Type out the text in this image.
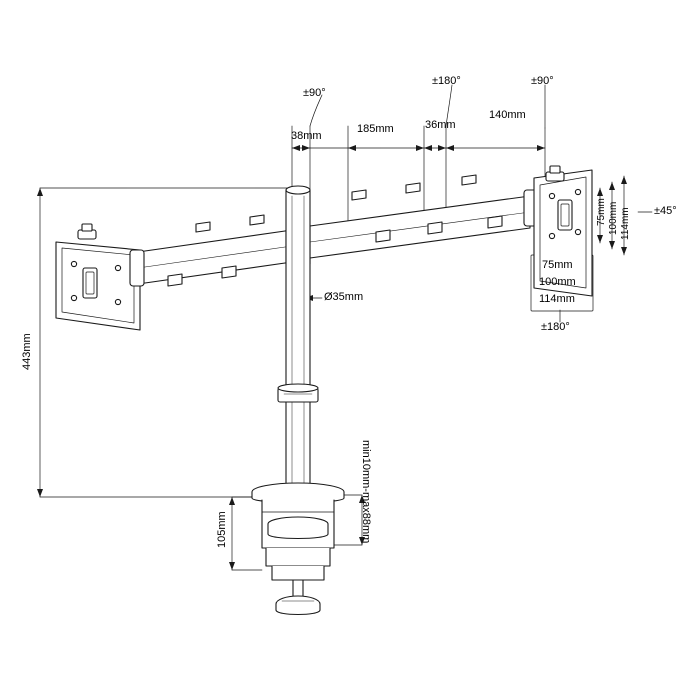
±90°
±180°	±90°
38mm
185mm	36mm
140mm
443mm
Ø35mm
105mm	min10mm-max88mm
75mm 100mm 114mm ±45°
75mm
100mm
114mm
±180°
